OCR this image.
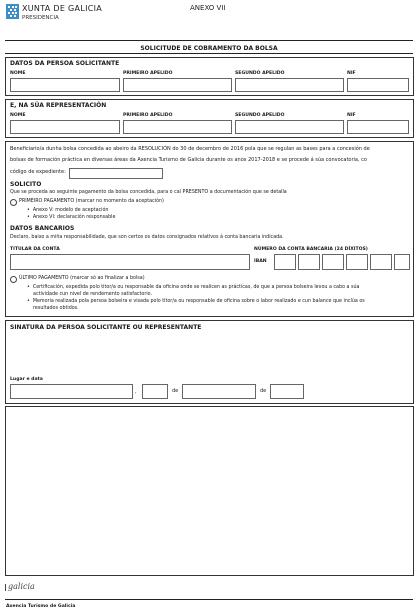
XUNTA DE GALICIA
PRESIDENCIA
ANEXO VII
SOLICITUDE DE COBRAMENTO DA BOLSA
DATOS DA PERSOA SOLICITANTE
NOME	PRIMEIRO APELIDO	SEGUNDO APELIDO	NIF
E, NA SÚA REPRESENTACIÓN
NOME	PRIMEIRO APELIDO	SEGUNDO APELIDO	NIF
Beneficiario/a dunha bolsa concedida ao abeiro da RESOLUCIÓN do 30 de decembro de 2016 pola que se regulan as bases para a concesión de
bolsas de formación práctica en diversas áreas da Axencia Turismo de Galicia durante os anos 2017-2018 e se procede á súa convocatoria, co
código de expediente:
SOLICITO
Que se proceda ao seguinte pagamento da bolsa concedida, para o cal PRESENTO a documentación que se detalla
PRIMEIRO PAGAMENTO (marcar no momento da aceptación)
• Anexo V: modelo de aceptación
• Anexo VI: declaración responsable
DATOS BANCARIOS
Declaro, baixo a miña responsabilidade, que son certos os datos consignados relativos á conta bancaria indicada.
TITULAR DA CONTA	NÚMERO DA CONTA BANCARIA (24 DÍXITOS)
IBAN
ÚLTIMO PAGAMENTO (marcar só ao finalizar a bolsa)
• Certificación, expedida polo titor/a ou responsable da oficina onde se realicen as prácticas, de que a persoa bolseira levou a cabo a súa
actividade cun nivel de rendemento satisfactorio.
• Memoria realizada pola persoa bolseira e visada polo titor/a ou responsable de oficina sobre o labor realizado e cun balance que inclúa os
resultados obtidos.
SINATURA DA PERSOA SOLICITANTE OU REPRESENTANTE
Lugar e data
,	de	de
galicia
Axencia Turismo de Galicia
